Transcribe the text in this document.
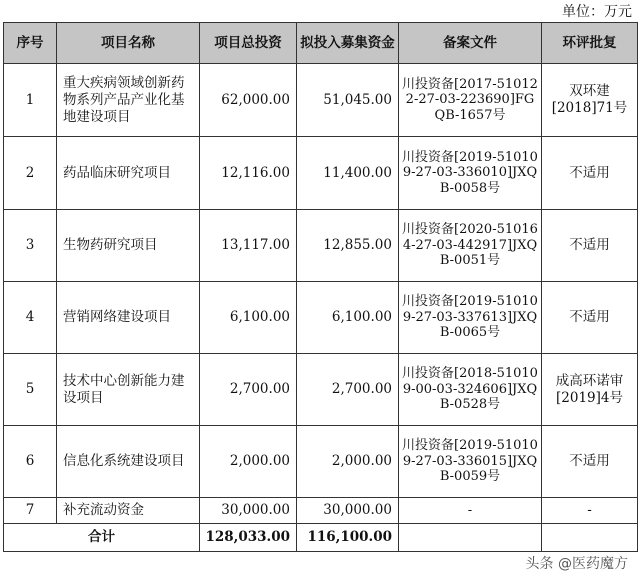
单位：万元
序号	项目名称	项目总投资	拟投入募集资金	备案文件	环评批复
1	重大疾病领域创新药物系列产品产业化基地建设项目	62,000.00	51,045.00	川投资备[2017-510122-27-03-223690]FGQB-1657号	双环建[2018]71号
2	药品临床研究项目	12,116.00	11,400.00	川投资备[2019-510109-27-03-336010]JXQB-0058号	不适用
3	生物药研究项目	13,117.00	12,855.00	川投资备[2020-510164-27-03-442917]JXQB-0051号	不适用
4	营销网络建设项目	6,100.00	6,100.00	川投资备[2019-510109-27-03-337613]JXQB-0065号	不适用
5	技术中心创新能力建设项目	2,700.00	2,700.00	川投资备[2018-510109-00-03-324606]JXQB-0528号	成高环诺审[2019]4号
6	信息化系统建设项目	2,000.00	2,000.00	川投资备[2019-510109-27-03-336015]JXQB-0059号	不适用
7	补充流动资金	30,000.00	30,000.00	-	-
合计		128,033.00	116,100.00		
头条 @医药魔方
